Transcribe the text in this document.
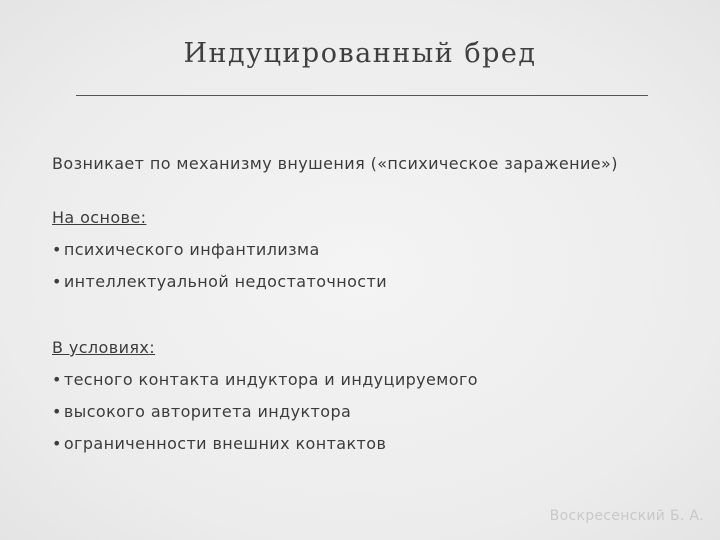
Индуцированный бред
Возникает по механизму внушения («психическое заражение»)
На основе:
• психического инфантилизма
• интеллектуальной недостаточности
В условиях:
• тесного контакта индуктора и индуцируемого
• высокого авторитета индуктора
• ограниченности внешних контактов
Воскресенский Б. А.
